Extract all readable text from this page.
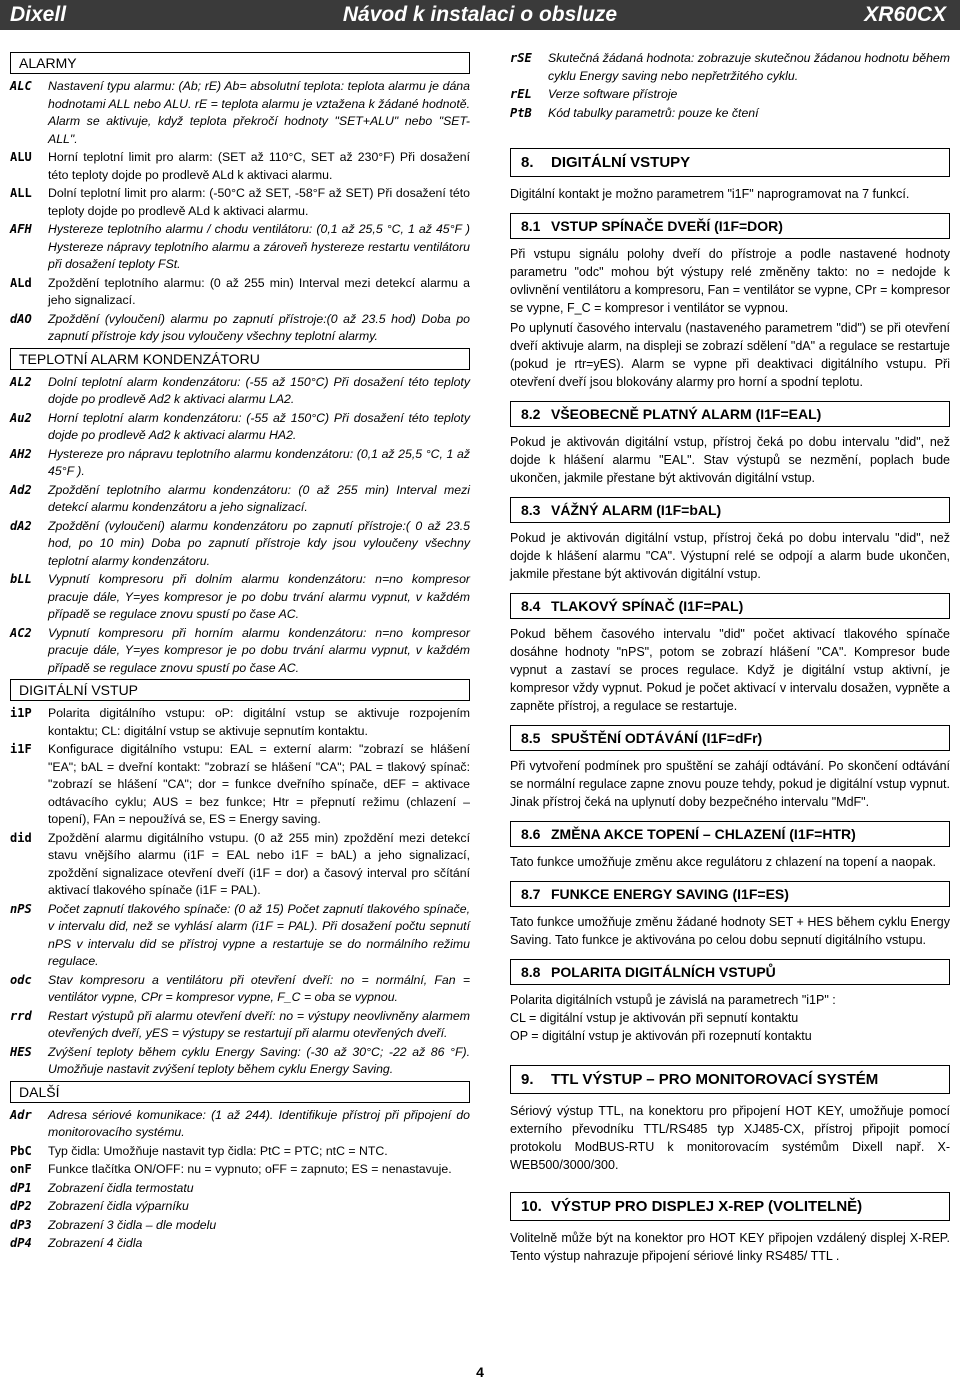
Návod k instalaci o obsluze
Dixell	XR60CX
ALARMY
ALC	Nastavení typu alarmu: (Ab; rE) Ab= absolutní teplota: teplota alarmu je dána hodnotami ALL nebo ALU. rE = teplota alarmu je vztažena k žádané hodnotě. Alarm se aktivuje, když teplota překročí hodnoty "SET+ALU" nebo "SET-ALL".
ALU	Horní teplotní limit pro alarm: (SET až 110°C, SET až 230°F) Při dosažení této teploty dojde po prodlevě ALd k aktivaci alarmu.
ALL	Dolní teplotní limit pro alarm: (-50°C až SET, -58°F až SET) Při dosažení této teploty dojde po prodlevě ALd k aktivaci alarmu.
AFH	Hystereze teplotního alarmu / chodu ventilátoru: (0,1 až 25,5 °C, 1 až 45°F ) Hystereze nápravy teplotního alarmu a zároveň hystereze restartu ventilátoru při dosažení teploty FSt.
ALd	Zpoždění teplotního alarmu: (0 až 255 min) Interval mezi detekcí alarmu a jeho signalizací.
dAO	Zpoždění (vyloučení) alarmu po zapnutí přístroje:(0 až 23.5 hod) Doba po zapnutí přístroje kdy jsou vyloučeny všechny teplotní alarmy.
TEPLOTNÍ ALARM KONDENZÁTORU
AL2	Dolní teplotní alarm kondenzátoru: (-55 až 150°C) Při dosažení této teploty dojde po prodlevě Ad2 k aktivaci alarmu LA2.
Au2	Horní teplotní alarm kondenzátoru: (-55 až 150°C) Při dosažení této teploty dojde po prodlevě Ad2 k aktivaci alarmu HA2.
AH2	Hystereze pro nápravu teplotního alarmu kondenzátoru: (0,1 až 25,5 °C, 1 až 45°F ).
Ad2	Zpoždění teplotního alarmu kondenzátoru: (0 až 255 min) Interval mezi detekcí alarmu kondenzátoru a jeho signalizací.
dA2	Zpoždění (vyloučení) alarmu kondenzátoru po zapnutí přístroje:( 0 až 23.5 hod, po 10 min) Doba po zapnutí přístroje kdy jsou vyloučeny všechny teplotní alarmy kondenzátoru.
bLL	Vypnutí kompresoru při dolním alarmu kondenzátoru: n=no kompresor pracuje dále, Y=yes kompresor je po dobu trvání alarmu vypnut, v každém případě se regulace znovu spustí po čase AC.
AC2	Vypnutí kompresoru při horním alarmu kondenzátoru: n=no kompresor pracuje dále, Y=yes kompresor je po dobu trvání alarmu vypnut, v každém případě se regulace znovu spustí po čase AC.
DIGITÁLNÍ VSTUP
i1P	Polarita digitálního vstupu: oP: digitální vstup se aktivuje rozpojením kontaktu; CL: digitální vstup se aktivuje sepnutím kontaktu.
i1F	Konfigurace digitálního vstupu: EAL = externí alarm: "zobrazí se hlášení "EA"; bAL = dveřní kontakt: "zobrazí se hlášení "CA"; PAL = tlakový spínač: "zobrazí se hlášení "CA"; dor = funkce dveřního spínače, dEF = aktivace odtávacího cyklu; AUS = bez funkce; Htr = přepnutí režimu (chlazení – topení), FAn = nepoužívá se, ES = Energy saving.
did	Zpoždění alarmu digitálního vstupu. (0 až 255 min) zpoždění mezi detekcí stavu vnějšího alarmu (i1F = EAL nebo i1F = bAL) a jeho signalizací, zpoždění signalizace otevření dveří (i1F = dor) a časový interval pro sčítání aktivací tlakového spínače (i1F = PAL).
nPS	Počet zapnutí tlakového spínače: (0 až 15) Počet zapnutí tlakového spínače, v intervalu did, než se vyhlásí alarm (i1F = PAL). Při dosažení počtu sepnutí nPS v intervalu did se přístroj vypne a restartuje se do normálního režimu regulace.
odc	Stav kompresoru a ventilátoru při otevření dveří: no = normální, Fan = ventilátor vypne, CPr = kompresor vypne, F_C = oba se vypnou.
rrd	Restart výstupů při alarmu otevření dveří: no = výstupy neovlivněny alarmem otevřených dveří, yES = výstupy se restartují při alarmu otevřených dveří.
HES	Zvýšení teploty během cyklu Energy Saving: (-30 až 30°C; -22 až 86 °F). Umožňuje nastavit zvýšení teploty během cyklu Energy Saving.
DALŠÍ
Adr	Adresa sériové komunikace: (1 až 244). Identifikuje přístroj při připojení do monitorovacího systému.
PbC	Typ čidla: Umožňuje nastavit typ čidla: PtC = PTC; ntC = NTC.
onF	Funkce tlačítka ON/OFF: nu = vypnuto; oFF = zapnuto; ES = nenastavuje.
dP1	Zobrazení čidla termostatu
dP2	Zobrazení čidla výparníku
dP3	Zobrazení 3 čidla – dle modelu
dP4	Zobrazení 4 čidla
rSE	Skutečná žádaná hodnota: zobrazuje skutečnou žádanou hodnotu během cyklu Energy saving nebo nepřetržitého cyklu.
rEL	Verze software přístroje
PtB	Kód tabulky parametrů: pouze ke čtení
8. DIGITÁLNÍ VSTUPY

Digitální kontakt je možno parametrem "i1F" naprogramovat na 7 funkcí.

8.1 VSTUP SPÍNAČE DVEŘÍ (I1F=DOR)

Při vstupu signálu polohy dveří do přístroje a podle nastavené hodnoty parametru "odc" mohou být výstupy relé změněny takto: no = nedojde k ovlivnění ventilátoru a kompresoru, Fan = ventilátor se vypne, CPr = kompresor se vypne, F_C = kompresor i ventilátor se vypnou.

Po uplynutí časového intervalu (nastaveného parametrem "did") se při otevření dveří aktivuje alarm, na displeji se zobrazí sdělení "dA" a regulace se restartuje (pokud je rtr=yES). Alarm se vypne při deaktivaci digitálního vstupu. Při otevření dveří jsou blokovány alarmy pro horní a spodní teplotu.

8.2 VŠEOBECNĚ PLATNÝ ALARM (I1F=EAL)

Pokud je aktivován digitální vstup, přístroj čeká po dobu intervalu "did", než dojde k hlášení alarmu "EAL". Stav výstupů se nezmění, poplach bude ukončen, jakmile přestane být aktivován digitální vstup.

8.3 VÁŽNÝ ALARM (I1F=bAL)

Pokud je aktivován digitální vstup, přístroj čeká po dobu intervalu "did", než dojde k hlášení alarmu "CA". Výstupní relé se odpojí a alarm bude ukončen, jakmile přestane být aktivován digitální vstup.

8.4 TLAKOVÝ SPÍNAČ (I1F=PAL)

Pokud během časového intervalu "did" počet aktivací tlakového spínače dosáhne hodnoty "nPS", potom se zobrazí hlášení "CA". Kompresor bude vypnut a zastaví se proces regulace. Když je digitální vstup aktivní, je kompresor vždy vypnut. Pokud je počet aktivací v intervalu dosažen, vypněte a zapněte přístroj, a regulace se restartuje.

8.5 SPUŠTĚNÍ ODTÁVÁNÍ (I1F=dFr)

Při vytvoření podmínek pro spuštění se zahájí odtávání. Po skončení odtávání se normální regulace zapne znovu pouze tehdy, pokud je digitální vstup vypnut. Jinak přístroj čeká na uplynutí doby bezpečného intervalu "MdF".

8.6 ZMĚNA AKCE TOPENÍ – CHLAZENÍ (I1F=HTR)

Tato funkce umožňuje změnu akce regulátoru z chlazení na topení a naopak.

8.7 FUNKCE ENERGY SAVING (I1F=ES)

Tato funkce umožňuje změnu žádané hodnoty SET + HES během cyklu Energy Saving. Tato funkce je aktivována po celou dobu sepnutí digitálního vstupu.

8.8 POLARITA DIGITÁLNÍCH VSTUPŮ
Polarita digitálních vstupů je závislá na parametrech "i1P" :
CL = digitální vstup je aktivován při sepnutí kontaktu
OP = digitální vstup je aktivován při rozepnutí kontaktu
9. TTL VÝSTUP – PRO MONITOROVACÍ SYSTÉM

Sériový výstup TTL, na konektoru pro připojení HOT KEY, umožňuje pomocí externího převodníku TTL/RS485 typ XJ485-CX, přístroj připojit pomocí protokolu ModBUS-RTU k monitorovacím systémům Dixell např. X-WEB500/3000/300.

10. VÝSTUP PRO DISPLEJ X-REP (VOLITELNĚ)

Volitelně může být na konektor pro HOT KEY připojen vzdálený displej X-REP. Tento výstup nahrazuje připojení sériové linky RS485/ TTL .

4
